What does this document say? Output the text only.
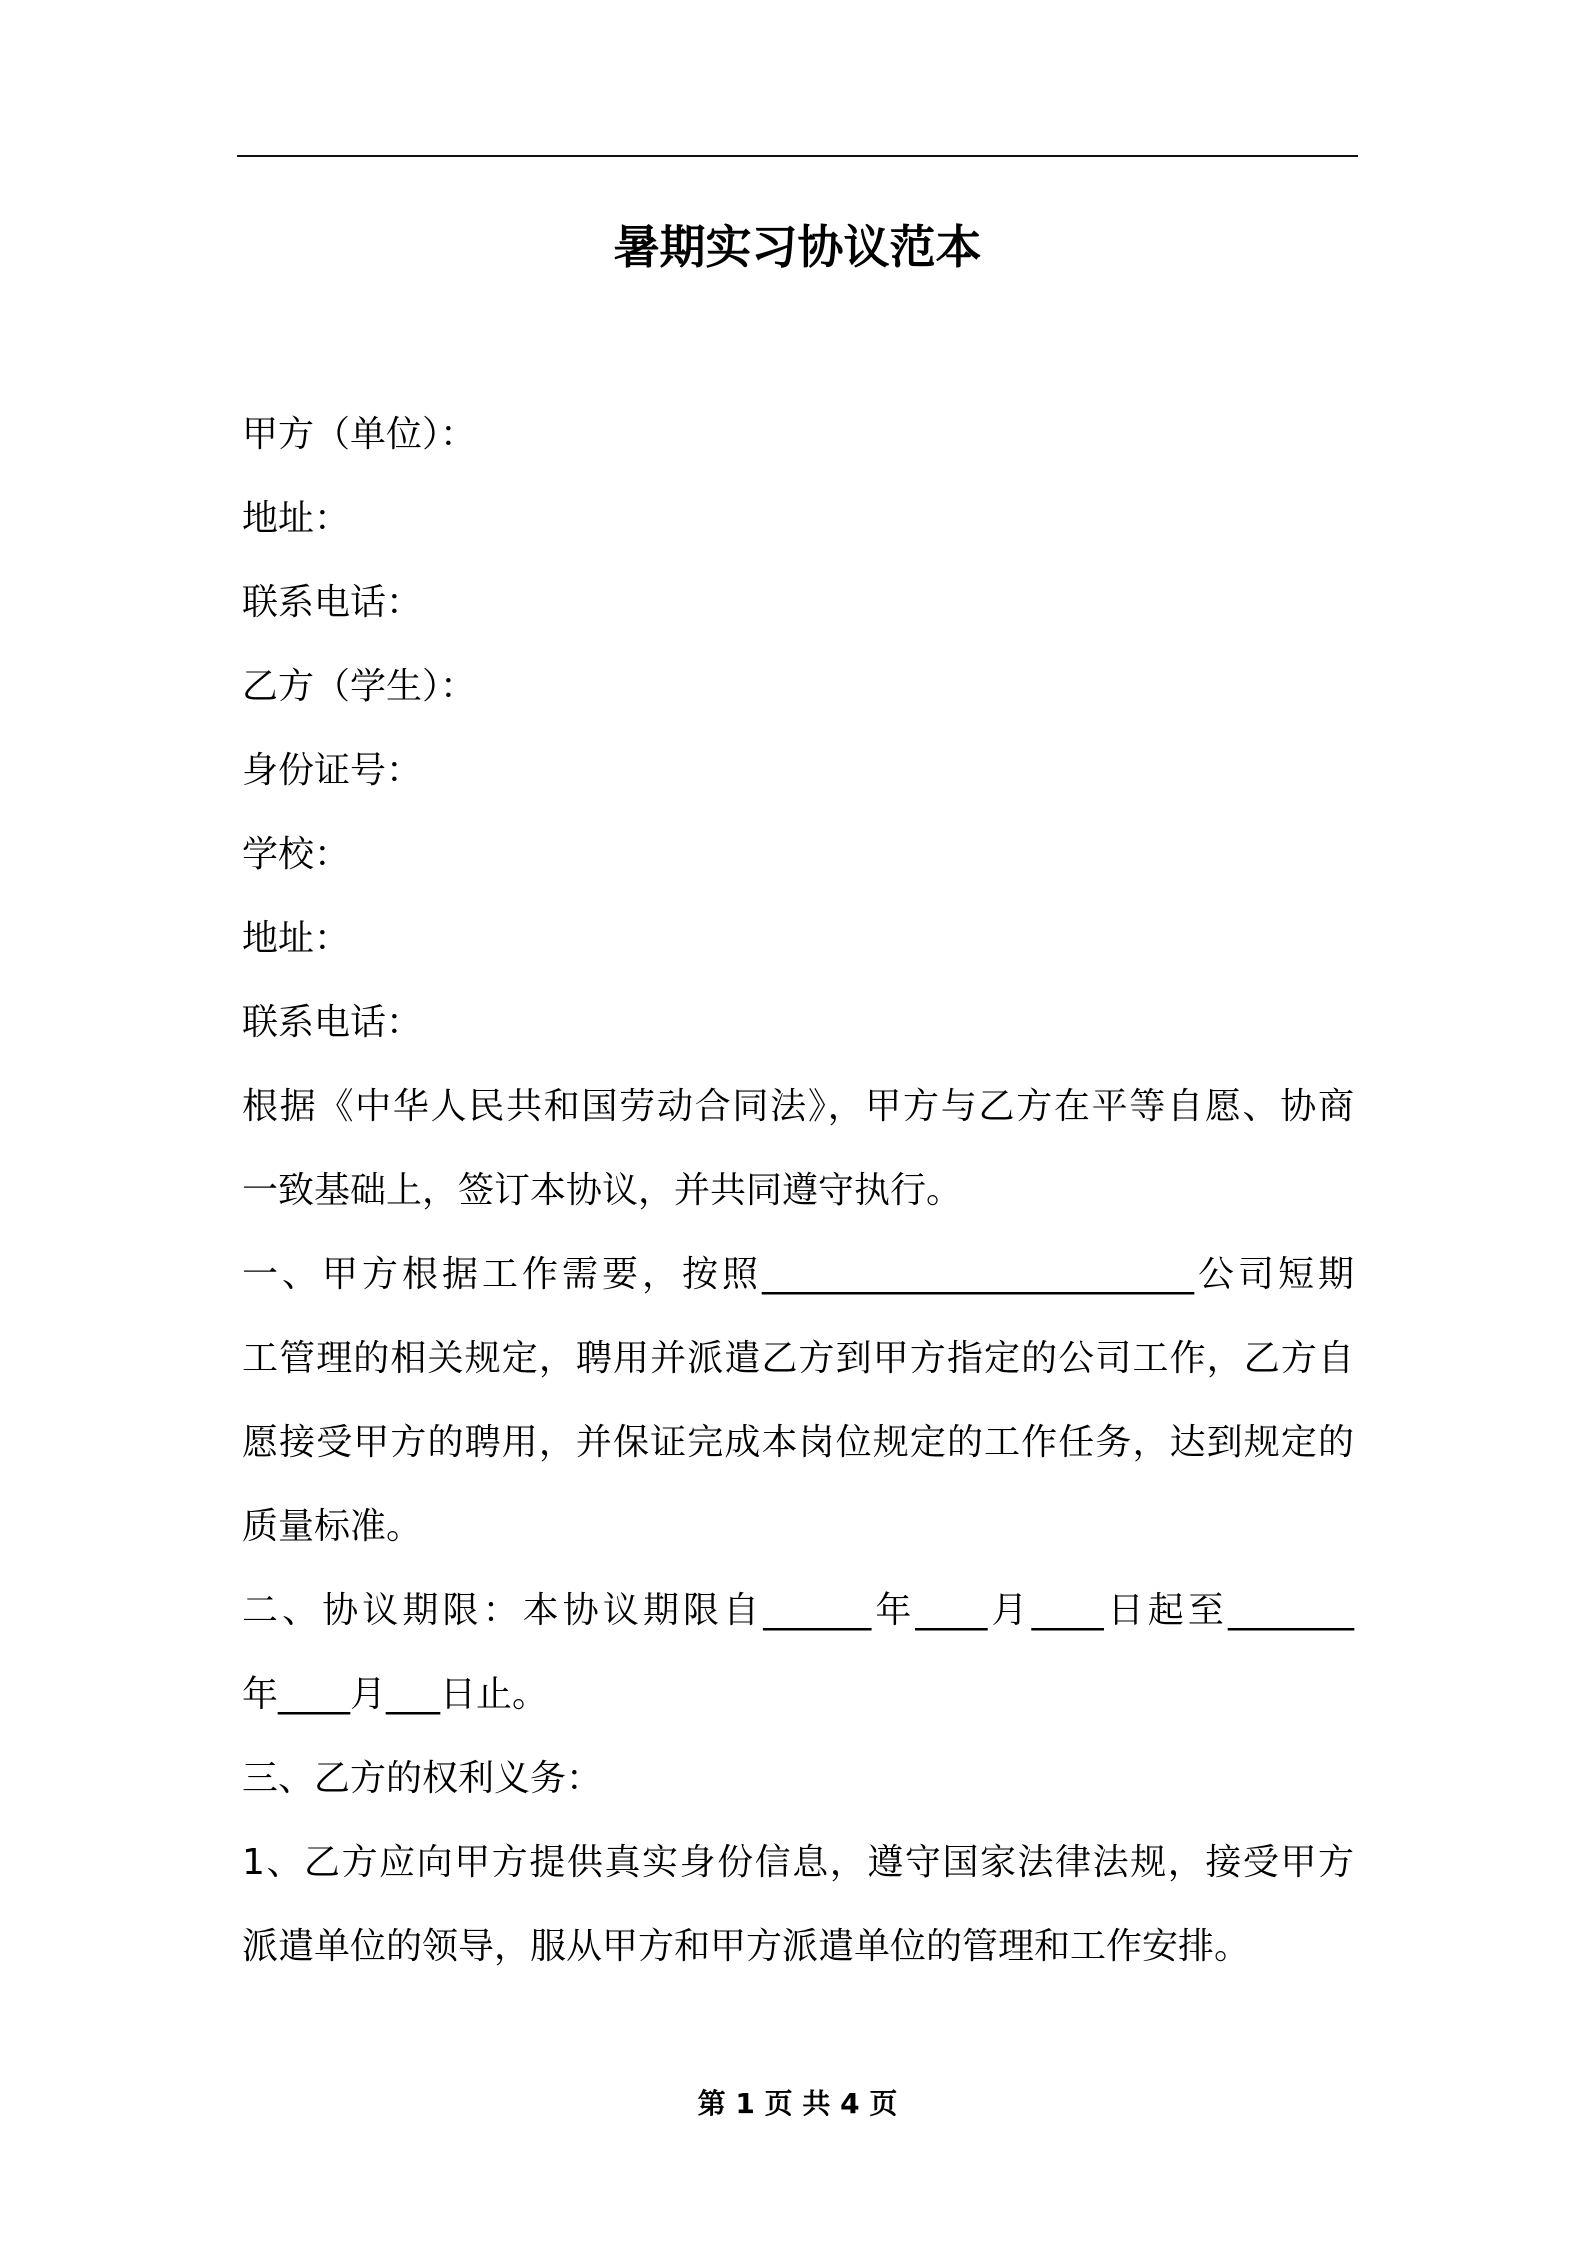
暑期实习协议范本
甲方（单位）：
地址：
联系电话：
乙方（学生）：
身份证号：
学校：
地址：
联系电话：
根据《中华人民共和国劳动合同法》，甲方与乙方在平等自愿、协商
一致基础上，签订本协议，并共同遵守执行。
一、甲方根据工作需要，按照________________________公司短期
工管理的相关规定，聘用并派遣乙方到甲方指定的公司工作，乙方自
愿接受甲方的聘用，并保证完成本岗位规定的工作任务，达到规定的
质量标准。
二、协议期限：本协议期限自______年____月____日起至_______
年____月___日止。
三、乙方的权利义务：
1、乙方应向甲方提供真实身份信息，遵守国家法律法规，接受甲方
派遣单位的领导，服从甲方和甲方派遣单位的管理和工作安排。
第 1 页 共 4 页
